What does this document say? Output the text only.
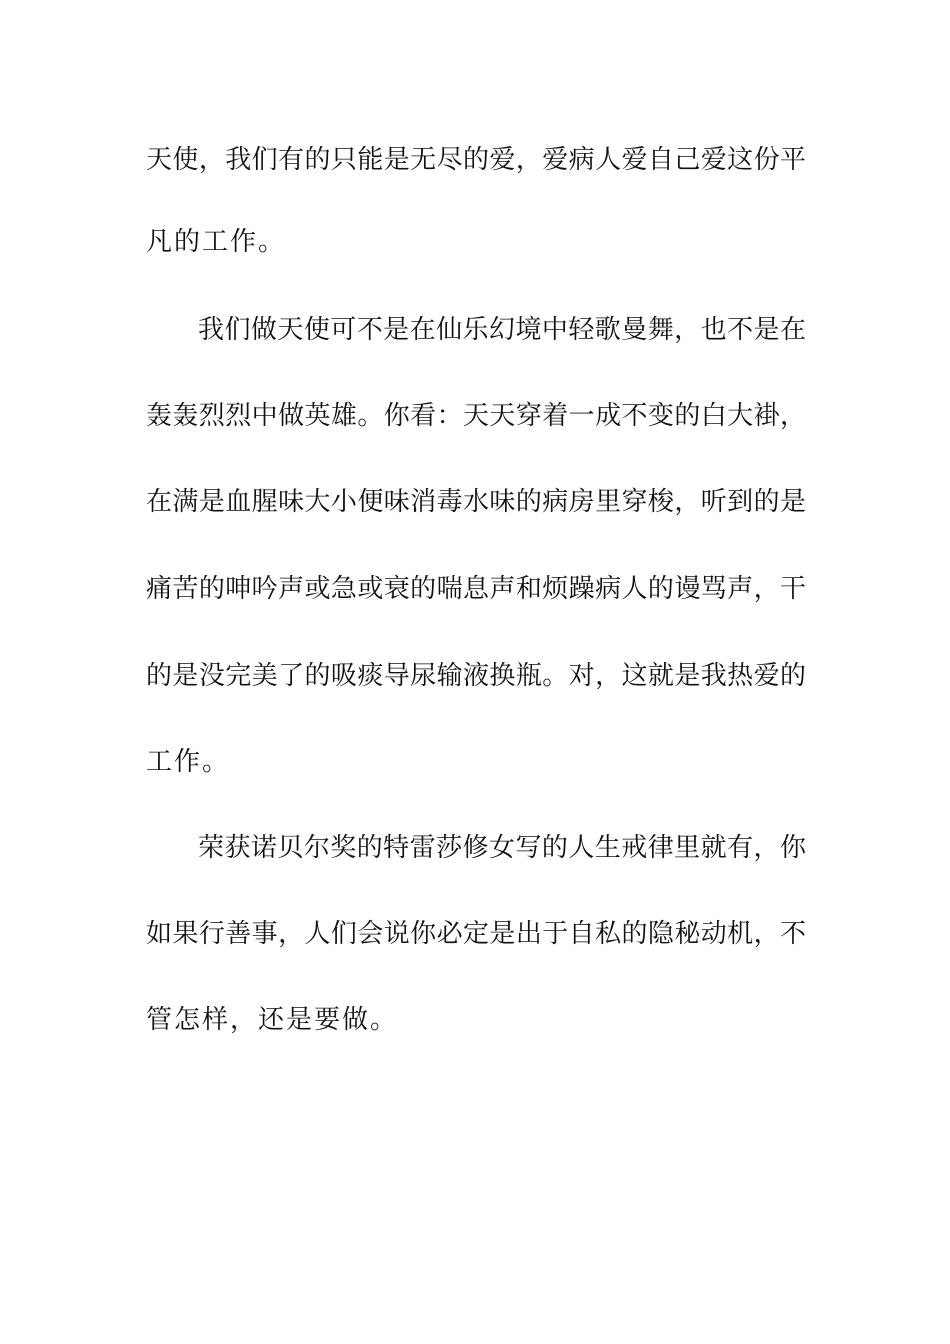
天使，我们有的只能是无尽的爱，爱病人爱自己爱这份平
凡的工作。
我们做天使可不是在仙乐幻境中轻歌曼舞，也不是在
轰轰烈烈中做英雄。你看：天天穿着一成不变的白大褂，
在满是血腥味大小便味消毒水味的病房里穿梭，听到的是
痛苦的呻吟声或急或衰的喘息声和烦躁病人的谩骂声，干
的是没完美了的吸痰导尿输液换瓶。对，这就是我热爱的
工作。
荣获诺贝尔奖的特雷莎修女写的人生戒律里就有，你
如果行善事，人们会说你必定是出于自私的隐秘动机，不
管怎样，还是要做。
